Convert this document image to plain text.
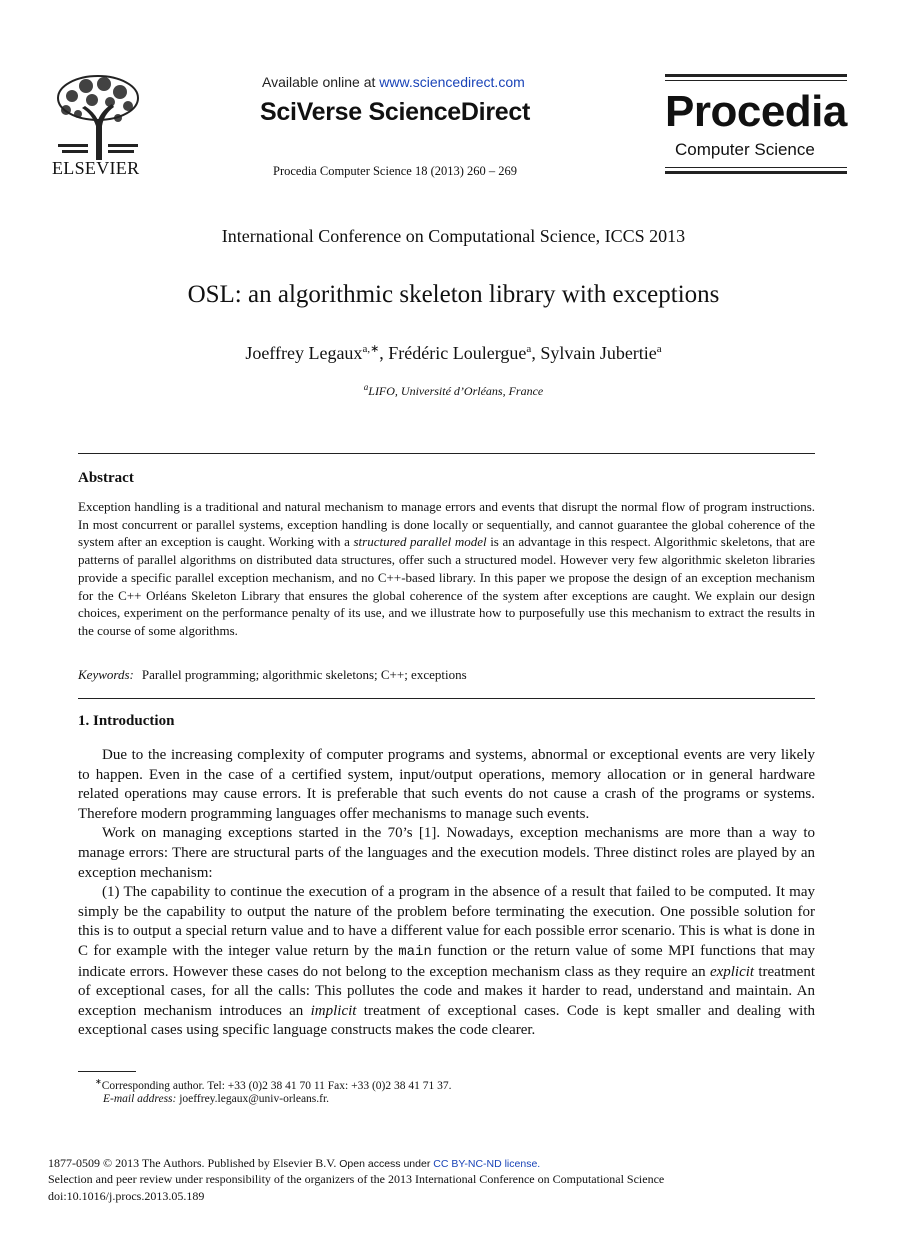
ELSEVIER
Available online at www.sciencedirect.com
SciVerse ScienceDirect
Procedia Computer Science 18 (2013) 260 – 269
Procedia
Computer Science
International Conference on Computational Science, ICCS 2013
OSL: an algorithmic skeleton library with exceptions
Joeffrey Legaux$^{a,∗}$, Frédéric Loulergue$^a$, Sylvain Jubertie$^a$
$^a$LIFO, Université d’Orléans, France
Abstract
Exception handling is a traditional and natural mechanism to manage errors and events that disrupt the normal flow of program instructions. In most concurrent or parallel systems, exception handling is done locally or sequentially, and cannot guarantee the global coherence of the system after an exception is caught. Working with a structured parallel model is an advantage in this respect. Algorithmic skeletons, that are patterns of parallel algorithms on distributed data structures, offer such a structured model. However very few algorithmic skeleton libraries provide a specific parallel exception mechanism, and no C++-based library. In this paper we propose the design of an exception mechanism for the C++ Orléans Skeleton Library that ensures the global coherence of the system after exceptions are caught. We explain our design choices, experiment on the performance penalty of its use, and we illustrate how to purposefully use this mechanism to extract the results in the course of some algorithms.
Keywords: Parallel programming; algorithmic skeletons; C++; exceptions
1. Introduction

Due to the increasing complexity of computer programs and systems, abnormal or exceptional events are very likely to happen. Even in the case of a certified system, input/output operations, memory allocation or in general hardware related operations may cause errors. It is preferable that such events do not cause a crash of the programs or systems. Therefore modern programming languages offer mechanisms to manage such events.

Work on managing exceptions started in the 70’s [1]. Nowadays, exception mechanisms are more than a way to manage errors: There are structural parts of the languages and the execution models. Three distinct roles are played by an exception mechanism:

(1) The capability to continue the execution of a program in the absence of a result that failed to be computed. It may simply be the capability to output the nature of the problem before terminating the execution. One possible solution for this is to output a special return value and to have a different value for each possible error scenario. This is what is done in C for example with the integer value return by the main function or the return value of some MPI functions that may indicate errors. However these cases do not belong to the exception mechanism class as they require an explicit treatment of exceptional cases, for all the calls: This pollutes the code and makes it harder to read, understand and maintain. An exception mechanism introduces an implicit treatment of exceptional cases. Code is kept smaller and dealing with exceptional cases using specific language constructs makes the code clearer.

∗Corresponding author. Tel: +33 (0)2 38 41 70 11 Fax: +33 (0)2 38 41 71 37.
E-mail address: joeffrey.legaux@univ-orleans.fr.
1877-0509 © 2013 The Authors. Published by Elsevier B.V. Open access under CC BY-NC-ND license.
Selection and peer review under responsibility of the organizers of the 2013 International Conference on Computational Science
doi:10.1016/j.procs.2013.05.189
